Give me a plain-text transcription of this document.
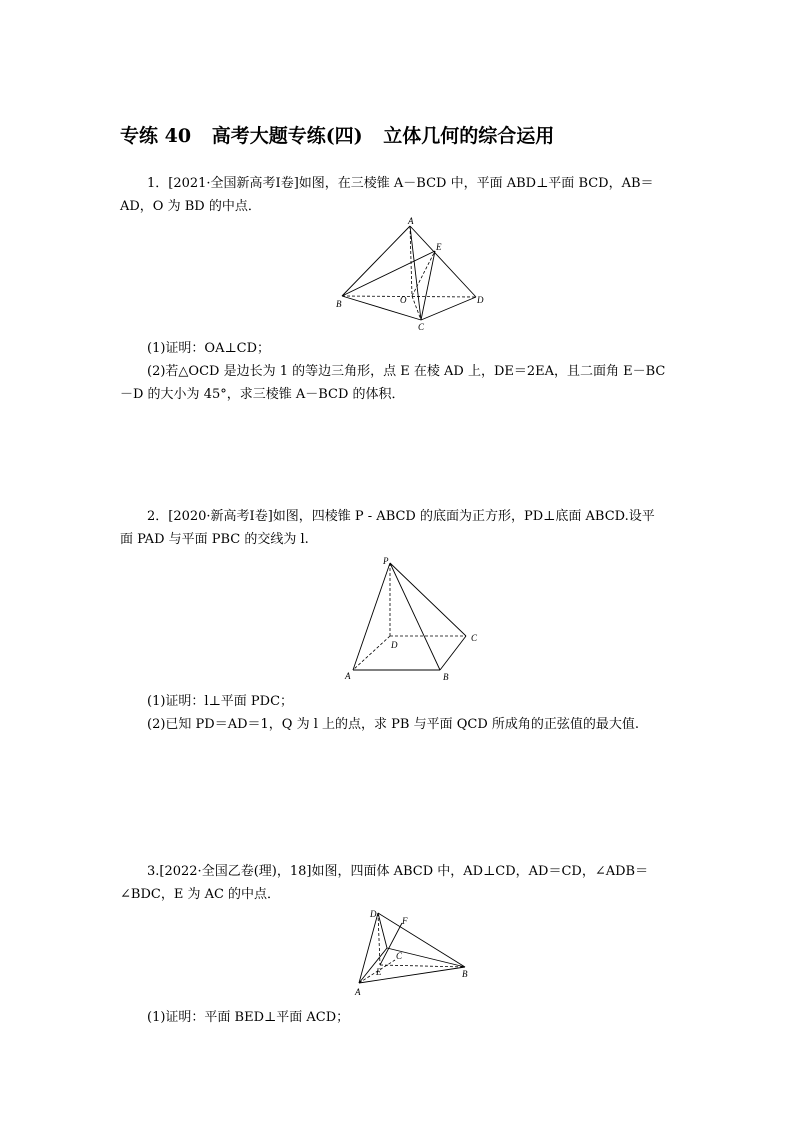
专练 40 高考大题专练(四) 立体几何的综合运用
1．[2021·全国新高考Ⅰ卷]如图，在三棱锥 A－BCD 中，平面 ABD⊥平面 BCD，AB＝
AD，O 为 BD 的中点．
A
E
B	O	D
C
(1)证明：OA⊥CD；
(2)若△OCD 是边长为 1 的等边三角形，点 E 在棱 AD 上，DE＝2EA，且二面角 E－BC
－D 的大小为 45°，求三棱锥 A－BCD 的体积．
2．[2020·新高考Ⅰ卷]如图，四棱锥 P - ABCD 的底面为正方形，PD⊥底面 ABCD.设平
面 PAD 与平面 PBC 的交线为 l.
P
C
D
A	B
(1)证明：l⊥平面 PDC；
(2)已知 PD＝AD＝1，Q 为 l 上的点，求 PB 与平面 QCD 所成角的正弦值的最大值.
3.[2022·全国乙卷(理)，18]如图，四面体 ABCD 中，AD⊥CD，AD＝CD，∠ADB＝
∠BDC，E 为 AC 的中点．
D
F
C
E	B
A
(1)证明：平面 BED⊥平面 ACD；
